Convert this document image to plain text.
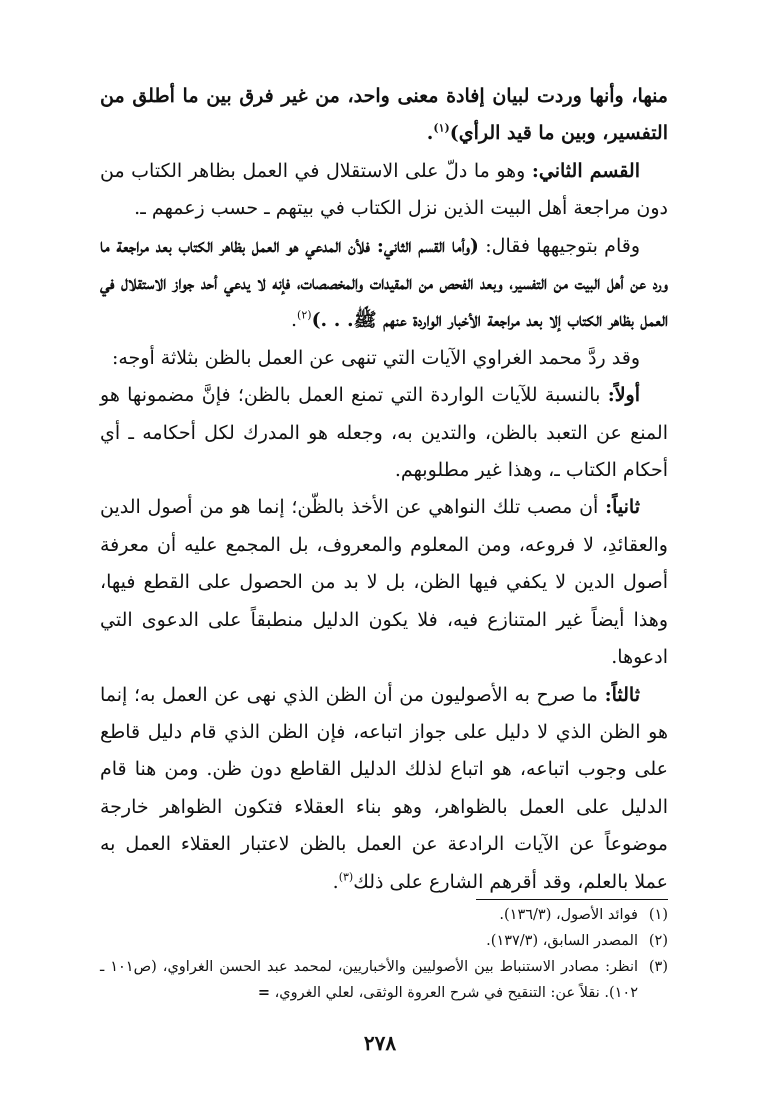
منها، وأنها وردت لبيان إفادة معنى واحد، من غير فرق بين ما أطلق من التفسير، وبين ما قيد الرأي)$^{(١)}$.

القسم الثاني: وهو ما دلّ على الاستقلال في العمل بظاهر الكتاب من دون مراجعة أهل البيت الذين نزل الكتاب في بيتهم ـ حسب زعمهم ـ.

وقام بتوجيهها فقال: (وأما القسم الثاني: فلأن المدعي هو العمل بظاهر الكتاب بعد مراجعة ما ورد عن أهل البيت من التفسير، وبعد الفحص من المقيدات والمخصصات، فإنه لا يدعي أحد جواز الاستقلال في العمل بظاهر الكتاب إلا بعد مراجعة الأخبار الواردة عنهم ﷺ. . .)$^{(٢)}$.

وقد ردَّ محمد الغراوي الآيات التي تنهى عن العمل بالظن بثلاثة أوجه:

أولاً: بالنسبة للآيات الواردة التي تمنع العمل بالظن؛ فإنَّ مضمونها هو المنع عن التعبد بالظن، والتدين به، وجعله هو المدرك لكل أحكامه ـ أي أحكام الكتاب ـ، وهذا غير مطلوبهم.

ثانياً: أن مصب تلك النواهي عن الأخذ بالظّن؛ إنما هو من أصول الدين والعقائدِ، لا فروعه، ومن المعلوم والمعروف، بل المجمع عليه أن معرفة أصول الدين لا يكفي فيها الظن، بل لا بد من الحصول على القطع فيها، وهذا أيضاً غير المتنازع فيه، فلا يكون الدليل منطبقاً على الدعوى التي ادعوها.

ثالثاً: ما صرح به الأصوليون من أن الظن الذي نهى عن العمل به؛ إنما هو الظن الذي لا دليل على جواز اتباعه، فإن الظن الذي قام دليل قاطع على وجوب اتباعه، هو اتباع لذلك الدليل القاطع دون ظن. ومن هنا قام الدليل على العمل بالظواهر، وهو بناء العقلاء فتكون الظواهر خارجة موضوعاً عن الآيات الرادعة عن العمل بالظن لاعتبار العقلاء العمل به عملا بالعلم، وقد أقرهم الشارع على ذلك$^{(٣)}$.

(١)
فوائد الأصول، (١٣٦/٣).
(٢)
المصدر السابق، (١٣٧/٣).
(٣)
انظر: مصادر الاستنباط بين الأصوليين والأخباريين، لمحمد عبد الحسن الغراوي، (ص١٠١ ـ ١٠٢). نقلاً عن: التنقيح في شرح العروة الوثقى، لعلي الغروي، =
٢٧٨
